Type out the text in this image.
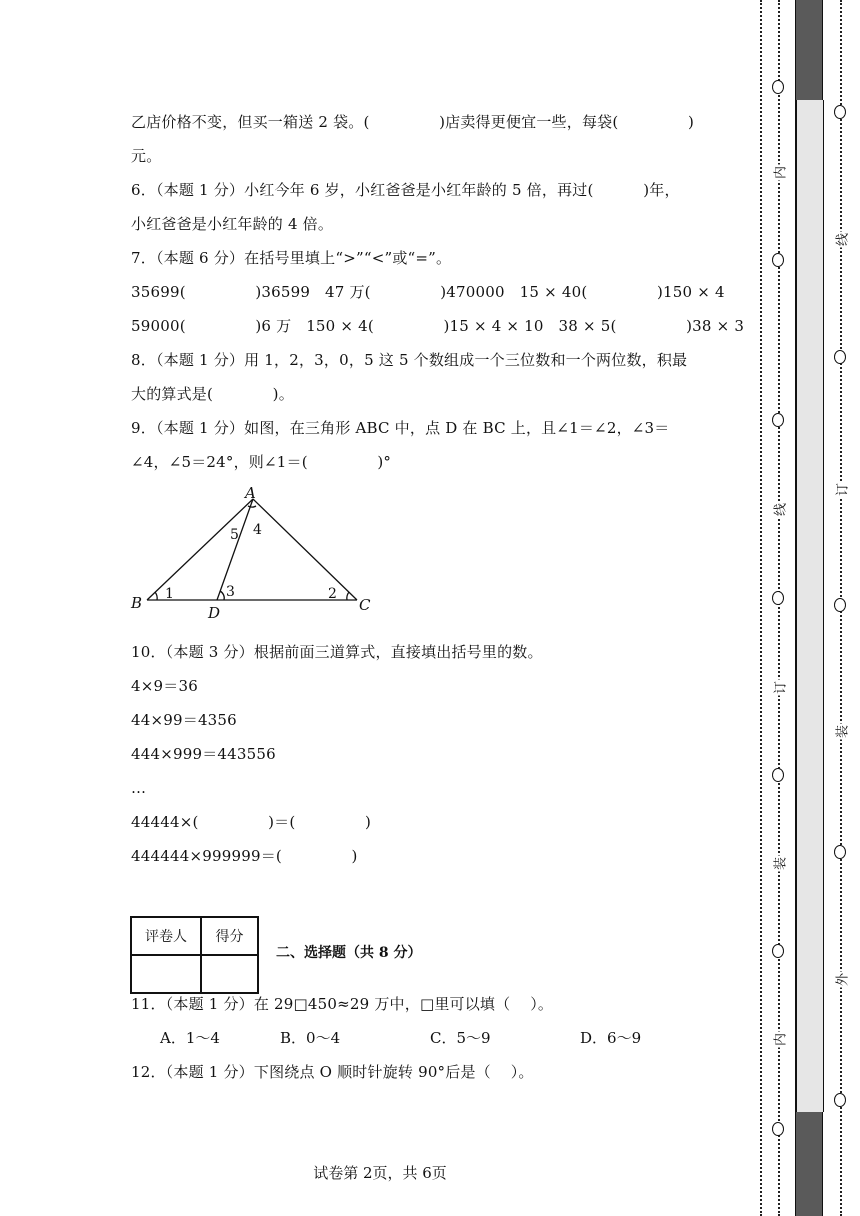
乙店价格不变，但买一箱送 2 袋。(              )店卖得更便宜一些，每袋(              )
元。
6．（本题 1 分）小红今年 6 岁，小红爸爸是小红年龄的 5 倍，再过(          )年，
小红爸爸是小红年龄的 4 倍。
7．（本题 6 分）在括号里填上“>”“<”或“=”。
35699(              )36599   47 万(              )470000   15 × 40(              )150 × 4
59000(              )6 万   150 × 4(              )15 × 4 × 10   38 × 5(              )38 × 3
8．（本题 1 分）用 1，2，3，0，5 这 5 个数组成一个三位数和一个两位数，积最
大的算式是(            )。
9．（本题 1 分）如图，在三角形 ABC 中，点 D 在 BC 上，且∠1＝∠2，∠3＝
∠4，∠5＝24°，则∠1＝(              )°
A
B	C
D
1	2
3
4
5
10．（本题 3 分）根据前面三道算式，直接填出括号里的数。
4×9＝36
44×99＝4356
444×999＝443556
…
44444×(              )＝(              )
444444×999999＝(              )
评卷人	得分

二、选择题（共 8 分）
11．（本题 1 分）在 29□450≈29 万中，□里可以填（    ）。
A．1～4	B．0～4	C．5～9	D．6～9
12．（本题 1 分）下图绕点 O 顺时针旋转 90°后是（    ）。
试卷第 2页，共 6页
内
线
订
装
内
线
订
装
外
